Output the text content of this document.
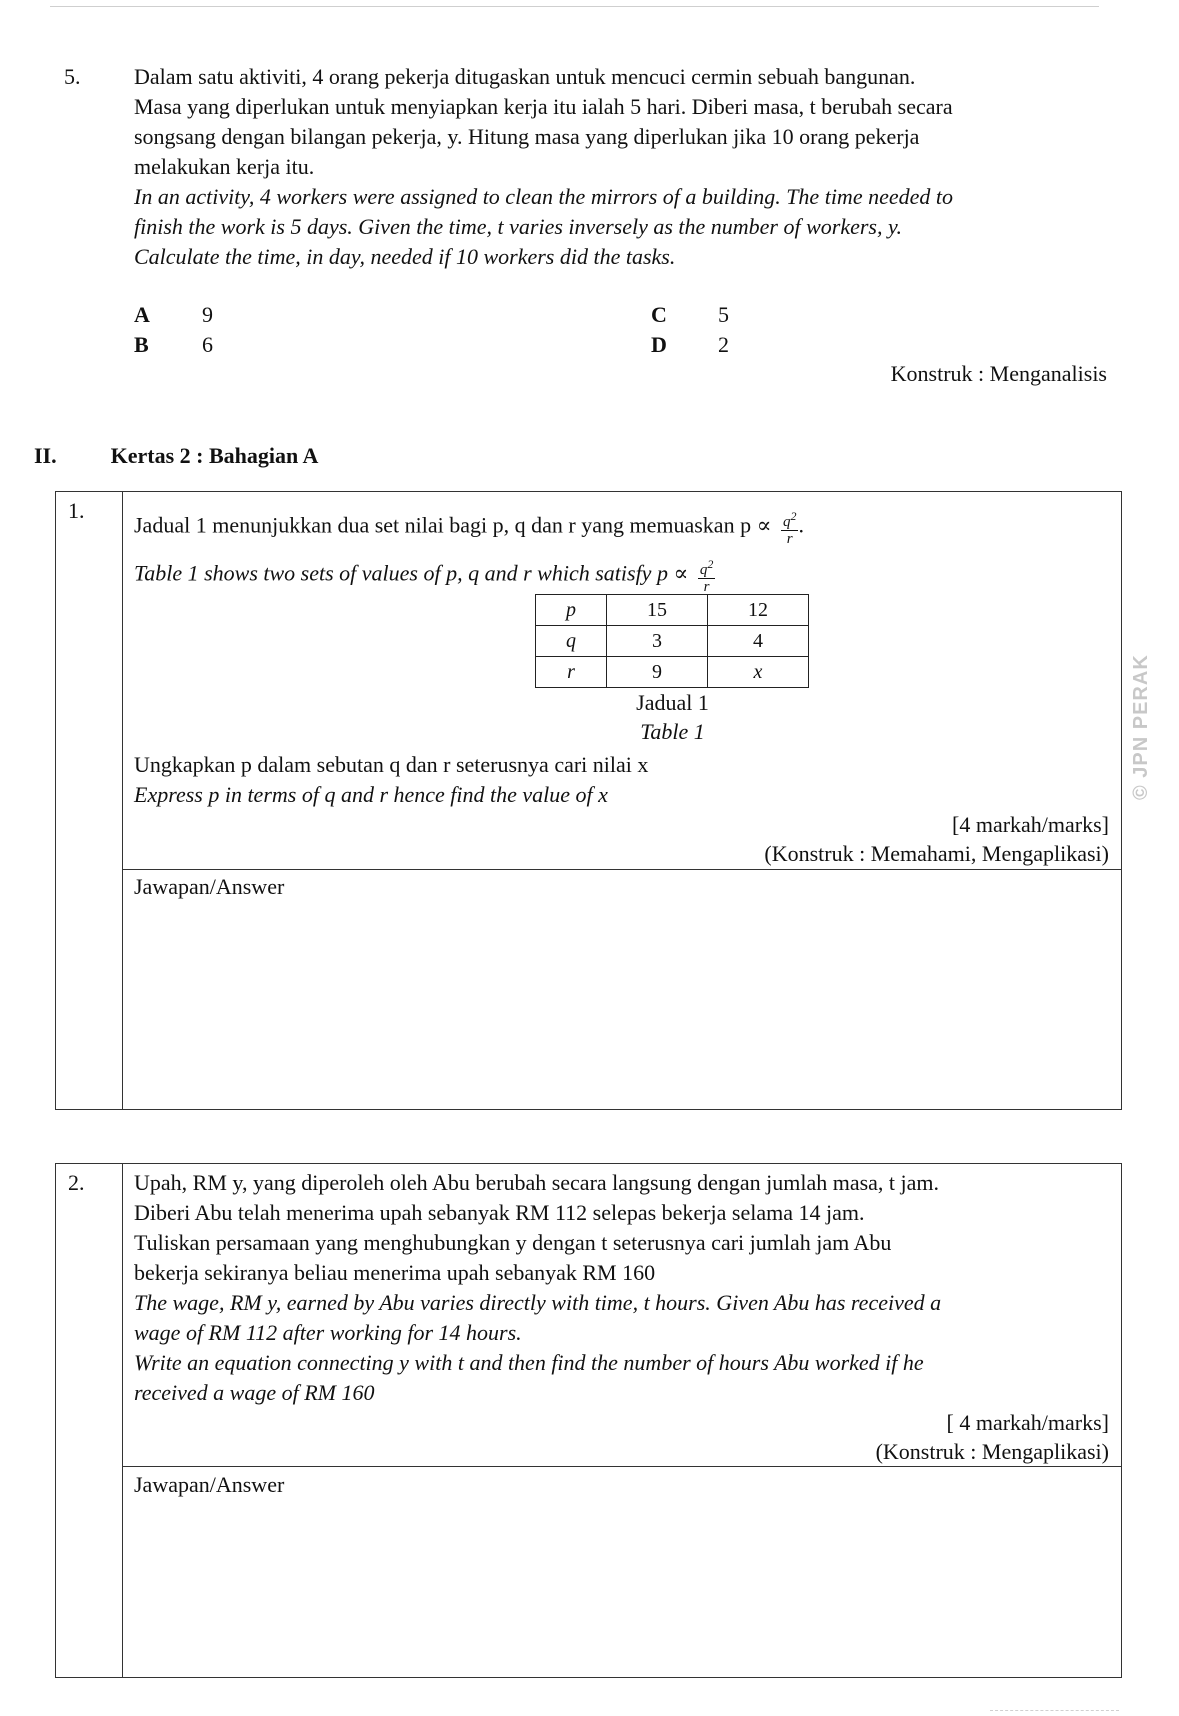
5. Dalam satu aktiviti, 4 orang pekerja ditugaskan untuk mencuci cermin sebuah bangunan.

Masa yang diperlukan untuk menyiapkan kerja itu ialah 5 hari. Diberi masa, t berubah secara

songsang dengan bilangan pekerja, y. Hitung masa yang diperlukan jika 10 orang pekerja

melakukan kerja itu.

In an activity, 4 workers were assigned to clean the mirrors of a building. The time needed to

finish the work is 5 days. Given the time, t varies inversely as the number of workers, y.

Calculate the time, in day, needed if 10 workers did the tasks.

A 9
B 6
C 5
D 2
Konstruk : Menganalisis
II. Kertas 2 : Bahagian A
1.
Jadual 1 menunjukkan dua set nilai bagi p, q dan r yang memuaskan $p \propto \frac{q^2}{r}$ .
Table 1 shows two sets of values of p, q and r which satisfy $p \propto \frac{q^2}{r}$
p	15	12
q	3	4
r	9	x
Jadual 1
Table 1
Ungkapkan p dalam sebutan q dan r seterusnya cari nilai x
Express p in terms of q and r hence find the value of x
[4 markah/marks]
(Konstruk : Memahami, Mengaplikasi)
Jawapan/Answer
2. Upah, RM y, yang diperoleh oleh Abu berubah secara langsung dengan jumlah masa, t jam.
Diberi Abu telah menerima upah sebanyak RM 112 selepas bekerja selama 14 jam.
Tuliskan persamaan yang menghubungkan y dengan t seterusnya cari jumlah jam Abu
bekerja sekiranya beliau menerima upah sebanyak RM 160
The wage, RM y, earned by Abu varies directly with time, t hours. Given Abu has received a
wage of RM 112 after working for 14 hours.
Write an equation connecting y with t and then find the number of hours Abu worked if he
received a wage of RM 160
[ 4 markah/marks]
(Konstruk : Mengaplikasi)
Jawapan/Answer
© JPN PERAK
